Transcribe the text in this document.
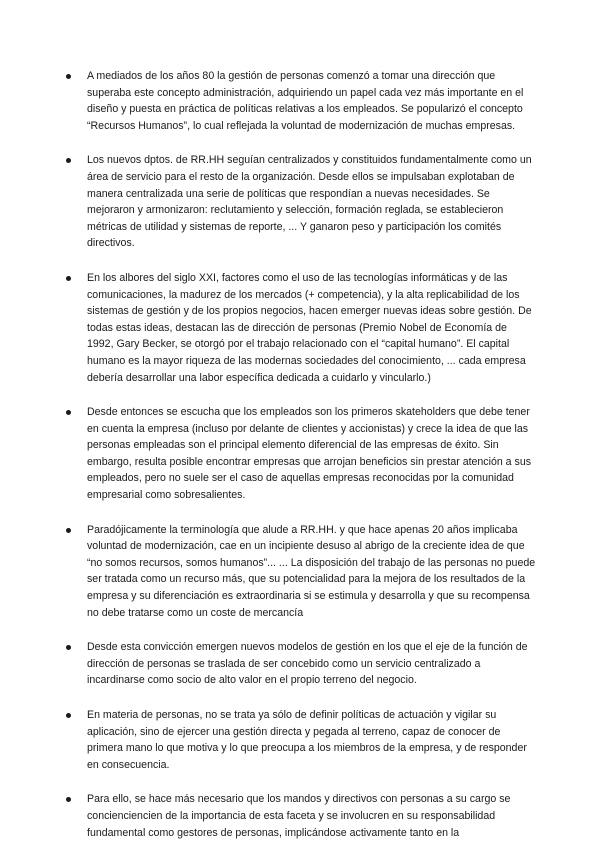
A mediados de los años 80 la gestión de personas comenzó a tomar una dirección que superaba este concepto administración, adquiriendo un papel cada vez más importante en el diseño y puesta en práctica de políticas relativas a los empleados. Se popularizó el concepto “Recursos Humanos”, lo cual reflejada la voluntad de modernización de muchas empresas.
Los nuevos dptos. de RR.HH seguían centralizados y constituidos fundamentalmente como un área de servicio para el resto de la organización. Desde ellos se impulsaban explotaban de manera centralizada una serie de políticas que respondían a nuevas necesidades. Se mejoraron y armonizaron: reclutamiento y selección, formación reglada, se establecieron métricas de utilidad y sistemas de reporte, ... Y ganaron peso y participación los comités directivos.
En los albores del siglo XXI, factores como el uso de las tecnologías informáticas y de las comunicaciones, la madurez de los mercados (+ competencia), y la alta replicabilidad de los sistemas de gestión y de los propios negocios, hacen emerger nuevas ideas sobre gestión. De todas estas ideas, destacan las de dirección de personas (Premio Nobel de Economía de 1992, Gary Becker, se otorgó por el trabajo relacionado con el “capital humano”. El capital humano es la mayor riqueza de las modernas sociedades del conocimiento, ... cada empresa debería desarrollar una labor específica dedicada a cuidarlo y vincularlo.)
Desde entonces se escucha que los empleados son los primeros skateholders que debe tener en cuenta la empresa (incluso por delante de clientes y accionistas) y crece la idea de que las personas empleadas son el principal elemento diferencial de las empresas de éxito. Sin embargo, resulta posible encontrar empresas que arrojan beneficios sin prestar atención a sus empleados, pero no suele ser el caso de aquellas empresas reconocidas por la comunidad empresarial como sobresalientes.
Paradójicamente la terminología que alude a RR.HH. y que hace apenas 20 años implicaba voluntad de modernización, cae en un incipiente desuso al abrigo de la creciente idea de que “no somos recursos, somos humanos”... ... La disposición del trabajo de las personas no puede ser tratada como un recurso más, que su potencialidad para la mejora de los resultados de la empresa y su diferenciación es extraordinaria si se estimula y desarrolla y que su recompensa no debe tratarse como un coste de mercancía
Desde esta convicción emergen nuevos modelos de gestión en los que el eje de la función de dirección de personas se traslada de ser concebido como un servicio centralizado a incardinarse como socio de alto valor en el propio terreno del negocio.
En materia de personas, no se trata ya sólo de definir políticas de actuación y vigilar su aplicación, sino de ejercer una gestión directa y pegada al terreno, capaz de conocer de primera mano lo que motiva y lo que preocupa a los miembros de la empresa, y de responder en consecuencia.
Para ello, se hace más necesario que los mandos y directivos con personas a su cargo se concienciencien de la importancia de esta faceta y se involucren en su responsabilidad fundamental como gestores de personas, implicándose activamente tanto en la
